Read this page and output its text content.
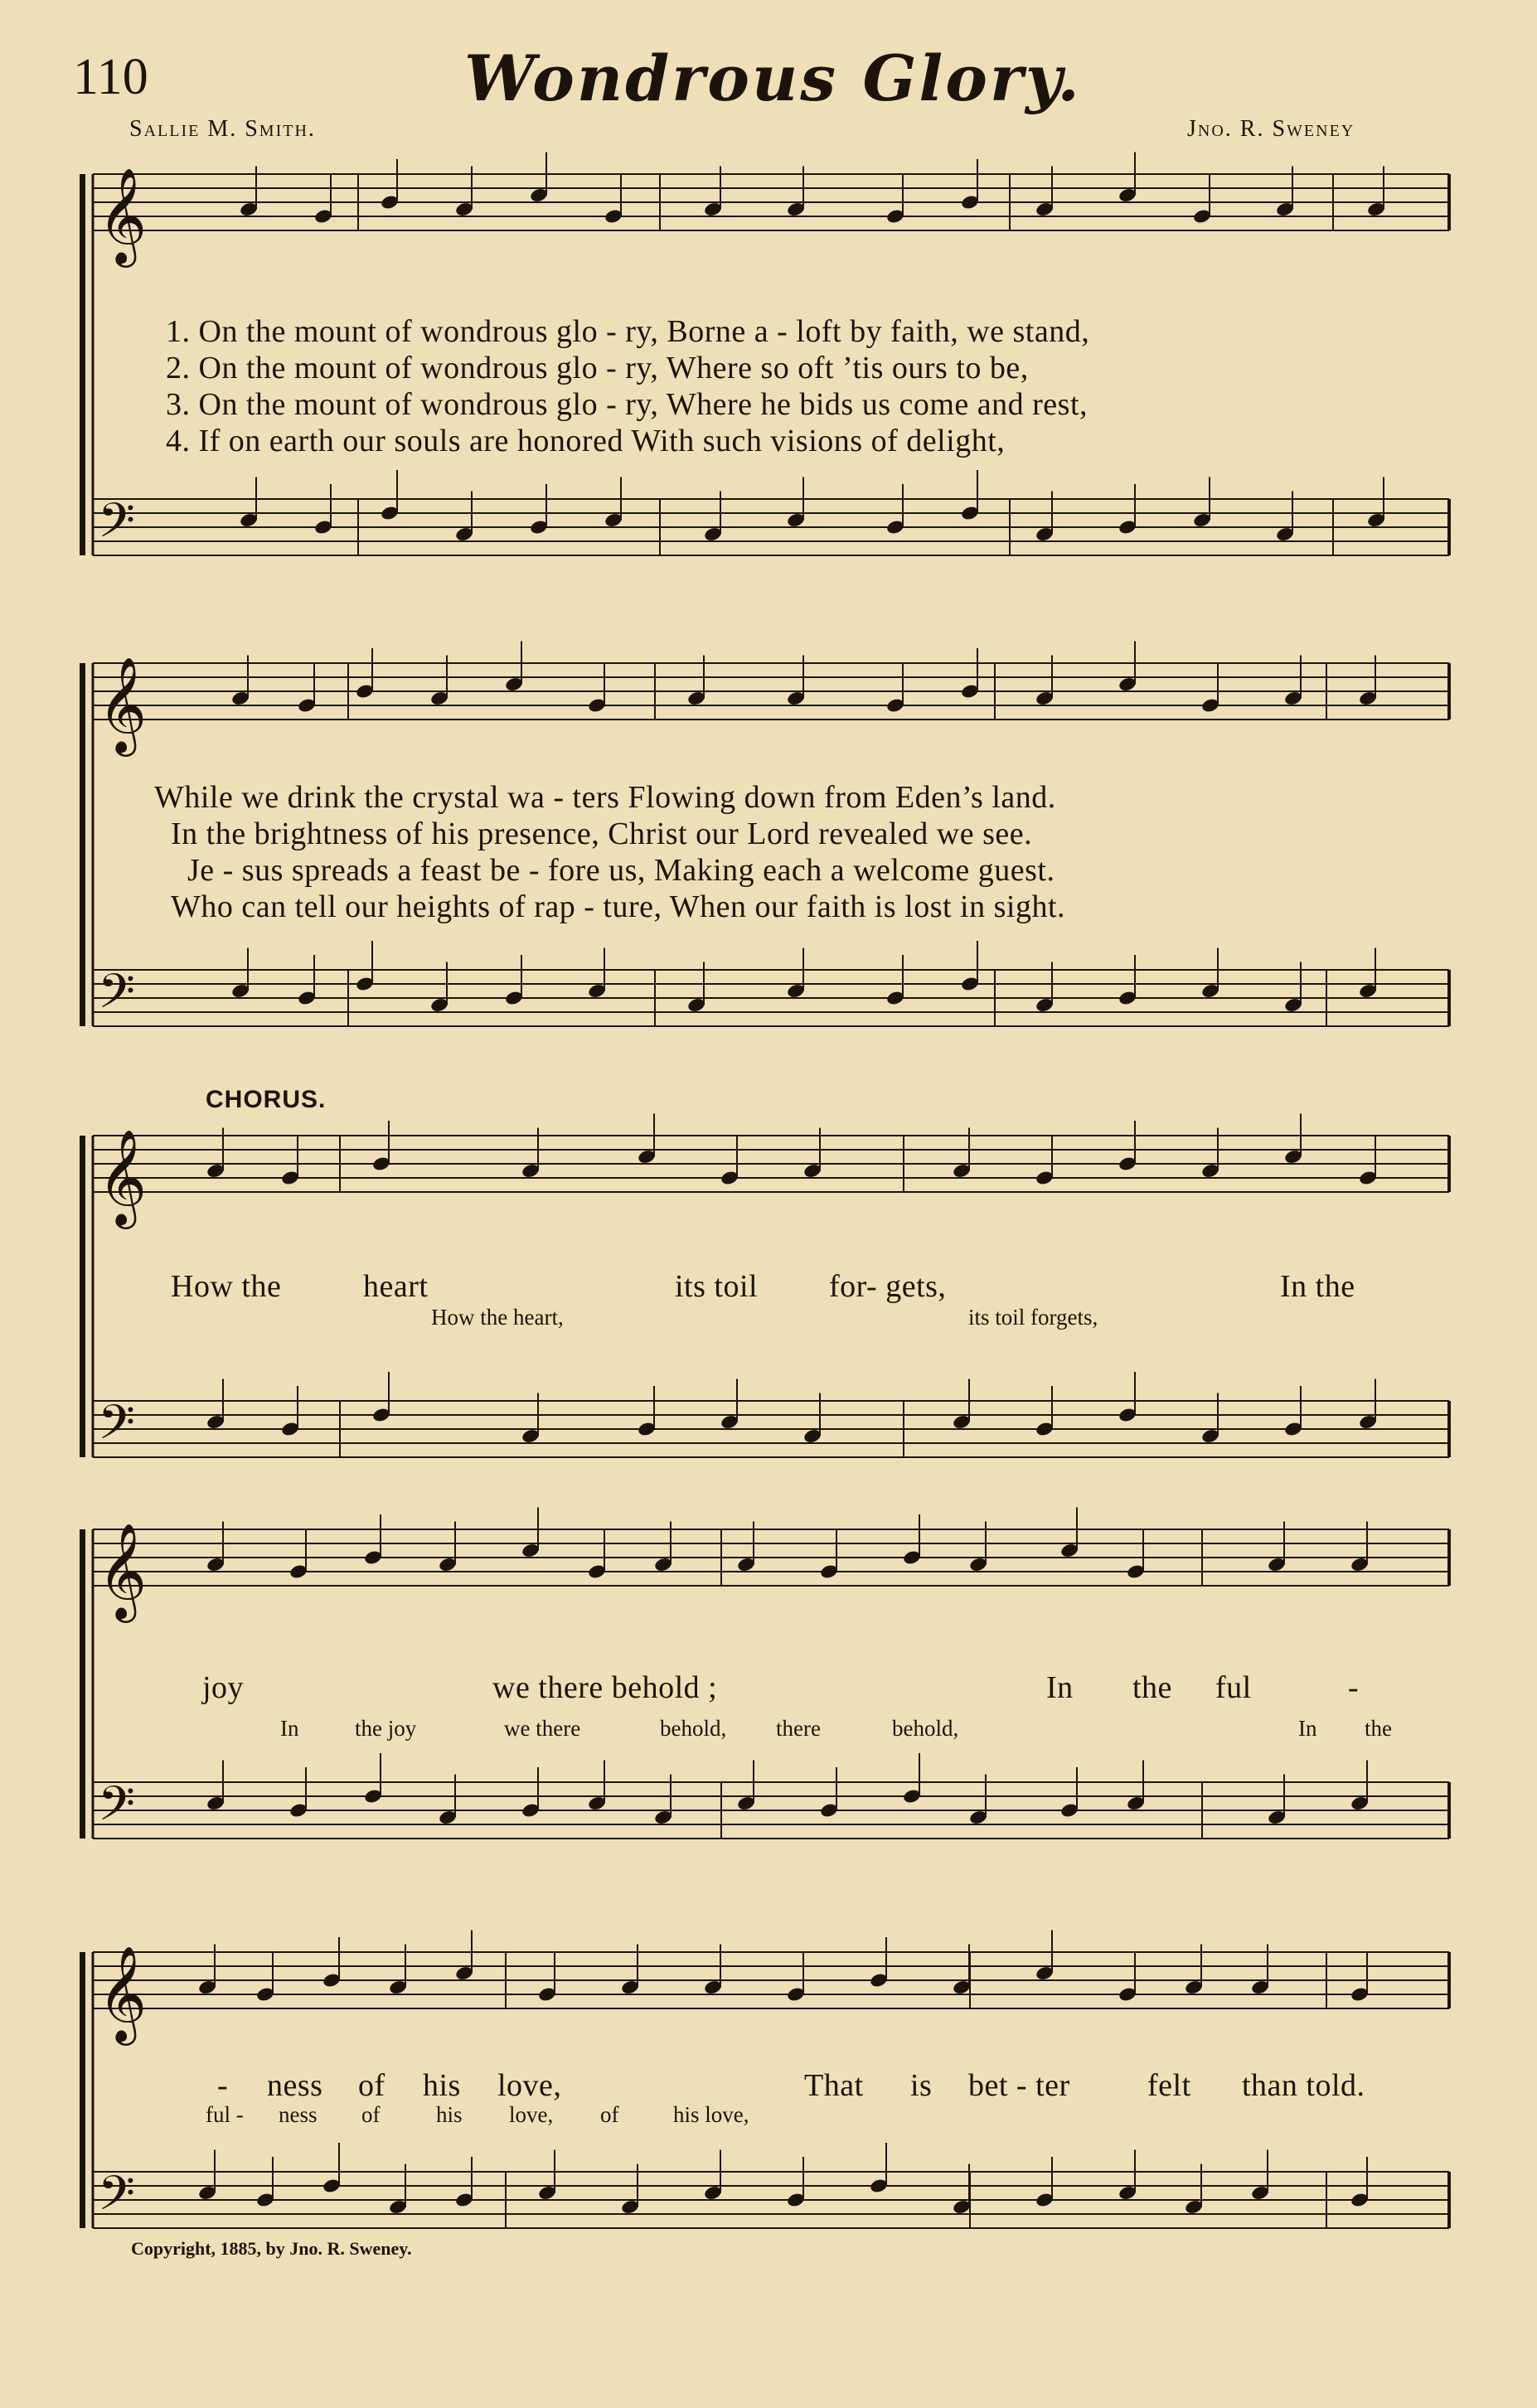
110	Wondrous Glory.
Sallie M. Smith.	Jno. R. Sweney
𝄞
𝄢
𝄞
𝄢
𝄞
𝄢
𝄞
𝄢
𝄞
𝄢
1. On the mount of wondrous glo - ry, Borne a - loft by faith, we stand,
2. On the mount of wondrous glo - ry, Where so oft ’tis ours to be,
3. On the mount of wondrous glo - ry, Where he bids us come and rest,
4. If on earth our souls are honored With such visions of delight,
While we drink the crystal wa - ters Flowing down from Eden’s land.
In the brightness of his presence, Christ our Lord revealed we see.
Je - sus spreads a feast be - fore us, Making each a welcome guest.
Who can tell our heights of rap - ture, When our faith is lost in sight.
CHORUS.
How the	heart	its toil for- gets,	In the
How the heart,	its toil forgets,
joy	we there behold ;	In the ful	-
In	the joy	we there	behold, there	behold,	In the
- ness of his love,	That is bet - ter felt than told.
ful - ness of	his love, of his love,
Copyright, 1885, by Jno. R. Sweney.
